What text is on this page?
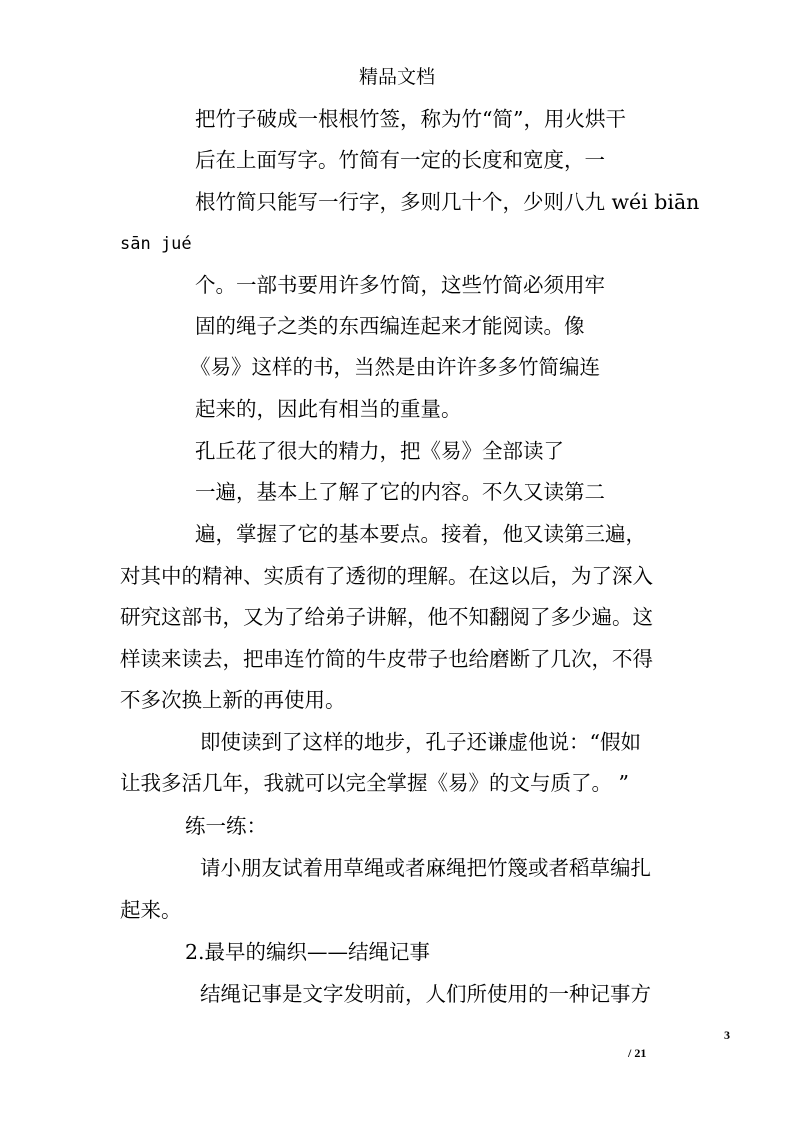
精品文档
把竹子破成一根根竹签，称为竹“简”，用火烘干
后在上面写字。竹简有一定的长度和宽度，一
根竹简只能写一行字，多则几十个，少则八九 wéi biān
sān jué
个。一部书要用许多竹简，这些竹简必须用牢
固的绳子之类的东西编连起来才能阅读。像
《易》这样的书，当然是由许许多多竹简编连
起来的，因此有相当的重量。
孔丘花了很大的精力，把《易》全部读了
一遍，基本上了解了它的内容。不久又读第二
遍，掌握了它的基本要点。接着，他又读第三遍，
对其中的精神、实质有了透彻的理解。在这以后，为了深入
研究这部书，又为了给弟子讲解，他不知翻阅了多少遍。这
样读来读去，把串连竹简的牛皮带子也给磨断了几次，不得
不多次换上新的再使用。
即使读到了这样的地步，孔子还谦虚他说：“假如
让我多活几年，我就可以完全掌握《易》的文与质了。 ”
练一练：
请小朋友试着用草绳或者麻绳把竹篾或者稻草编扎
起来。
2.最早的编织——结绳记事
结绳记事是文字发明前，人们所使用的一种记事方
3
/ 21
